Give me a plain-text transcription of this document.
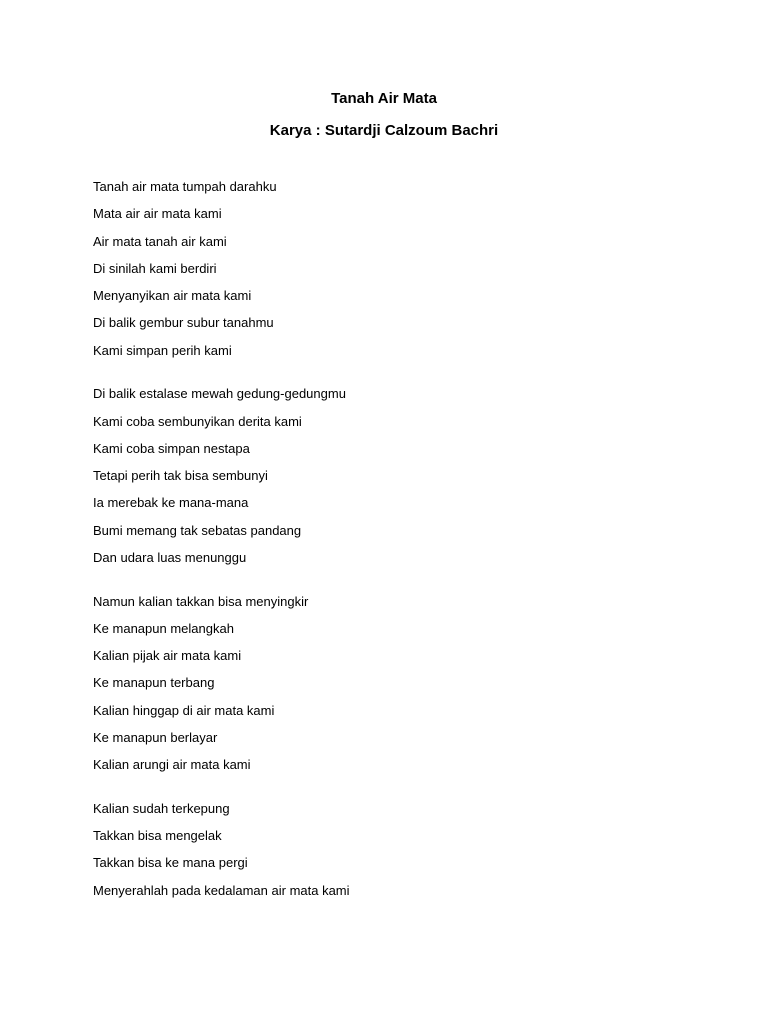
Tanah Air Mata
Karya : Sutardji Calzoum Bachri
Tanah air mata tumpah darahku
Mata air air mata kami
Air mata tanah air kami
Di sinilah kami berdiri
Menyanyikan air mata kami
Di balik gembur subur tanahmu
Kami simpan perih kami
Di balik estalase mewah gedung-gedungmu
Kami coba sembunyikan derita kami
Kami coba simpan nestapa
Tetapi perih tak bisa sembunyi
Ia merebak ke mana-mana
Bumi memang tak sebatas pandang
Dan udara luas menunggu
Namun kalian takkan bisa menyingkir
Ke manapun melangkah
Kalian pijak air mata kami
Ke manapun terbang
Kalian hinggap di air mata kami
Ke manapun berlayar
Kalian arungi air mata kami
Kalian sudah terkepung
Takkan bisa mengelak
Takkan bisa ke mana pergi
Menyerahlah pada kedalaman air mata kami
